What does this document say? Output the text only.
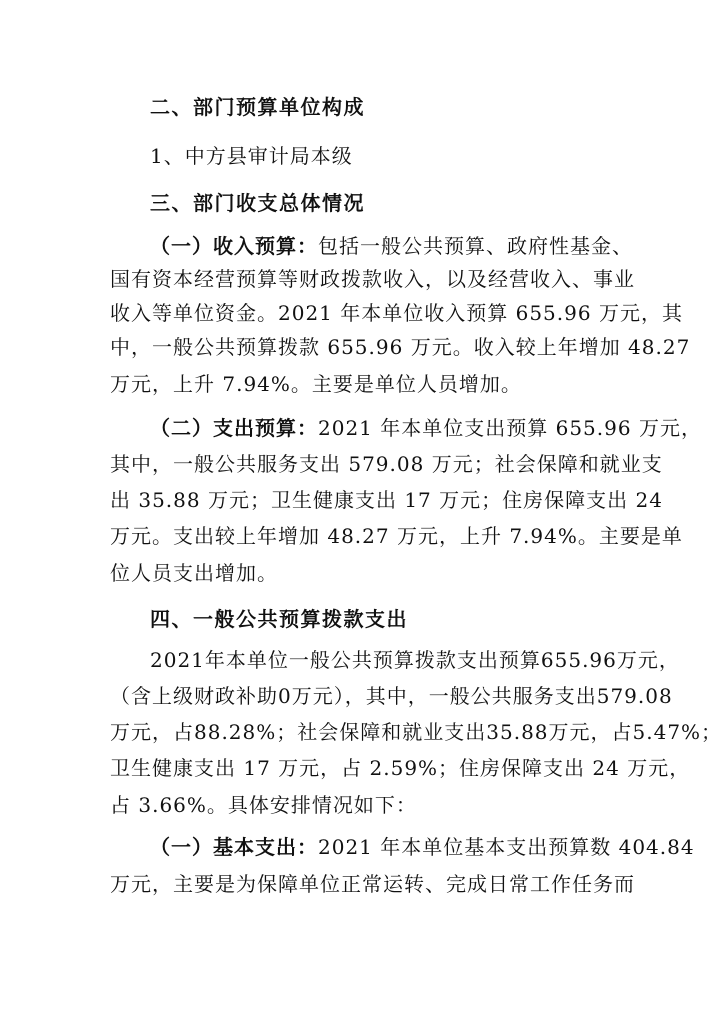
二、部门预算单位构成
1、中方县审计局本级
三、部门收支总体情况
（一）收入预算：包括一般公共预算、政府性基金、
国有资本经营预算等财政拨款收入，以及经营收入、事业
收入等单位资金。2021 年本单位收入预算 655.96 万元，其
中，一般公共预算拨款 655.96 万元。收入较上年增加 48.27
万元，上升 7.94%。主要是单位人员增加。
（二）支出预算：2021 年本单位支出预算 655.96 万元，
其中，一般公共服务支出 579.08 万元；社会保障和就业支
出 35.88 万元；卫生健康支出 17 万元；住房保障支出 24
万元。支出较上年增加 48.27 万元，上升 7.94%。主要是单
位人员支出增加。
四、一般公共预算拨款支出
2021年本单位一般公共预算拨款支出预算655.96万元，
（含上级财政补助0万元），其中，一般公共服务支出579.08
万元，占88.28%；社会保障和就业支出35.88万元，占5.47%；
卫生健康支出 17 万元，占 2.59%；住房保障支出 24 万元，
占 3.66%。具体安排情况如下：
（一）基本支出：2021 年本单位基本支出预算数 404.84
万元，主要是为保障单位正常运转、完成日常工作任务而
